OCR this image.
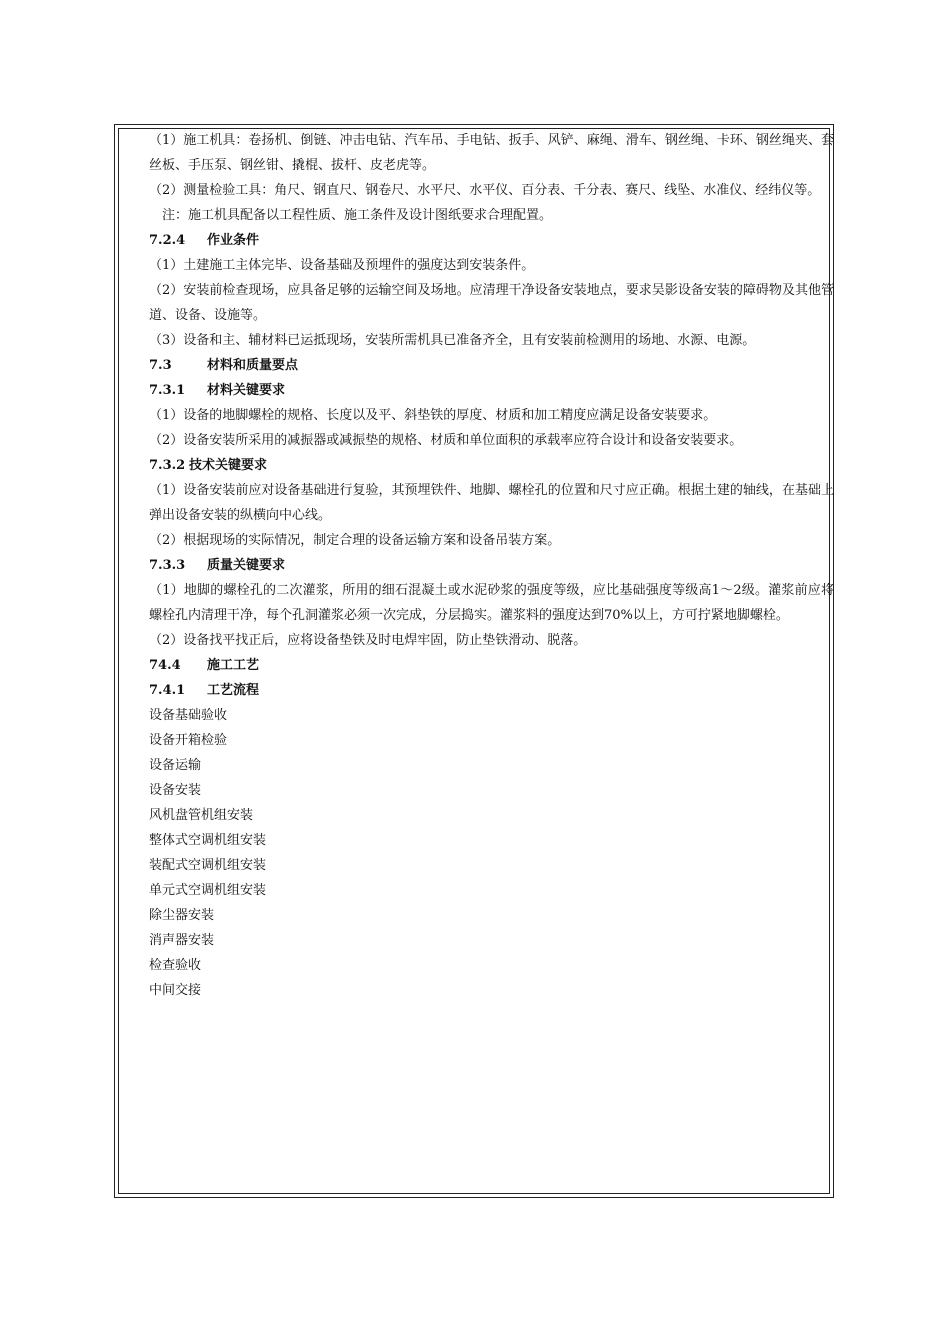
（1）施工机具：卷扬机、倒链、冲击电钻、汽车吊、手电钻、扳手、风铲、麻绳、滑车、钢丝绳、卡环、钢丝绳夹、套丝板、手压泵、钢丝钳、撬棍、拔杆、皮老虎等。

（2）测量检验工具：角尺、钢直尺、钢卷尺、水平尺、水平仪、百分表、千分表、赛尺、线坠、水准仪、经纬仪等。

　注：施工机具配备以工程性质、施工条件及设计图纸要求合理配置。

7.2.4 作业条件

（1）土建施工主体完毕、设备基础及预埋件的强度达到安装条件。

（2）安装前检查现场，应具备足够的运输空间及场地。应清理干净设备安装地点，要求吴影设备安装的障碍物及其他管道、设备、设施等。

（3）设备和主、辅材料已运抵现场，安装所需机具已准备齐全，且有安装前检测用的场地、水源、电源。

7.3	材料和质量要点

7.3.1 材料关键要求

（1）设备的地脚螺栓的规格、长度以及平、斜垫铁的厚度、材质和加工精度应满足设备安装要求。

（2）设备安装所采用的减振器或减振垫的规格、材质和单位面积的承载率应符合设计和设备安装要求。

7.3.2 技术关键要求

（1）设备安装前应对设备基础进行复验，其预埋铁件、地脚、螺栓孔的位置和尺寸应正确。根据土建的轴线，在基础上弹出设备安装的纵横向中心线。

（2）根据现场的实际情况，制定合理的设备运输方案和设备吊装方案。

7.3.3 质量关键要求

（1）地脚的螺栓孔的二次灌浆，所用的细石混凝土或水泥砂浆的强度等级，应比基础强度等级高1～2级。灌浆前应将螺栓孔内清理干净，每个孔洞灌浆必须一次完成，分层捣实。灌浆料的强度达到70%以上，方可拧紧地脚螺栓。

（2）设备找平找正后，应将设备垫铁及时电焊牢固，防止垫铁滑动、脱落。

74.4 施工工艺

7.4.1 工艺流程

设备基础验收
设备开箱检验
设备运输
设备安装
风机盘管机组安装
整体式空调机组安装
装配式空调机组安装
单元式空调机组安装
除尘器安装
消声器安装
检查验收
中间交接
